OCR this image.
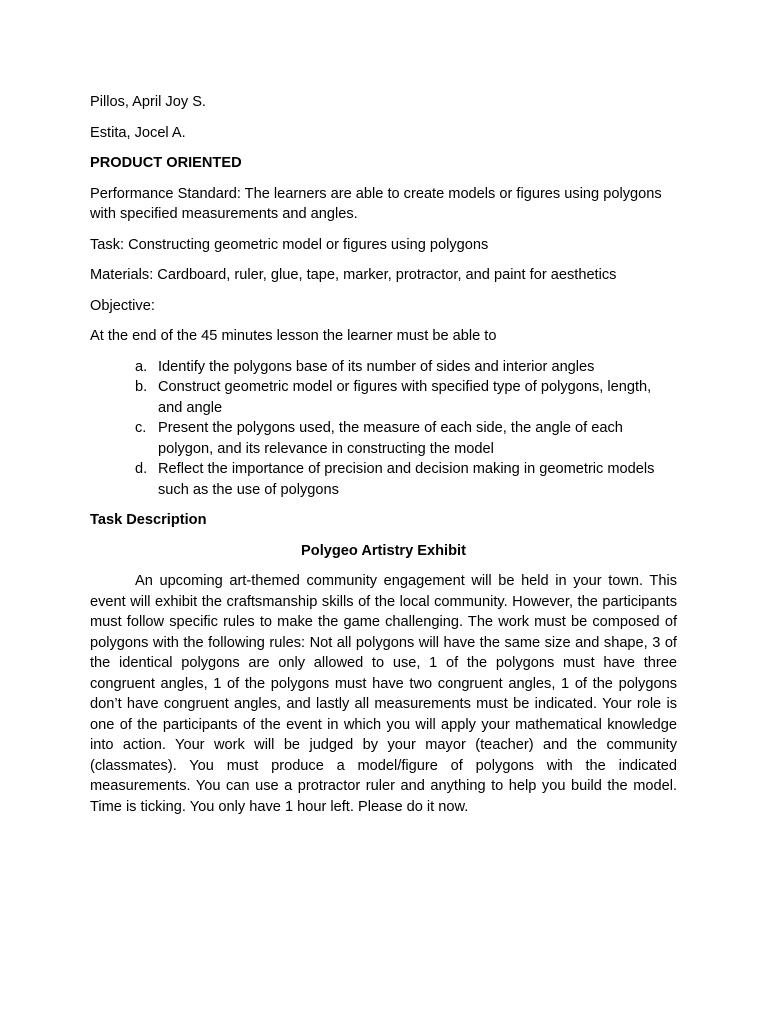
Pillos, April Joy S.

Estita, Jocel A.

PRODUCT ORIENTED

Performance Standard: The learners are able to create models or figures using polygons with specified measurements and angles.

Task: Constructing geometric model or figures using polygons

Materials: Cardboard, ruler, glue, tape, marker, protractor, and paint for aesthetics

Objective:

At the end of the 45 minutes lesson the learner must be able to

a. Identify the polygons base of its number of sides and interior angles
b. Construct geometric model or figures with specified type of polygons, length, and angle
c. Present the polygons used, the measure of each side, the angle of each polygon, and its relevance in constructing the model
d. Reflect the importance of precision and decision making in geometric models such as the use of polygons

Task Description

Polygeo Artistry Exhibit

An upcoming art-themed community engagement will be held in your town. This event will exhibit the craftsmanship skills of the local community. However, the participants must follow specific rules to make the game challenging. The work must be composed of polygons with the following rules: Not all polygons will have the same size and shape, 3 of the identical polygons are only allowed to use, 1 of the polygons must have three congruent angles, 1 of the polygons must have two congruent angles, 1 of the polygons don’t have congruent angles, and lastly all measurements must be indicated. Your role is one of the participants of the event in which you will apply your mathematical knowledge into action. Your work will be judged by your mayor (teacher) and the community (classmates). You must produce a model/figure of polygons with the indicated measurements. You can use a protractor ruler and anything to help you build the model. Time is ticking. You only have 1 hour left. Please do it now.
